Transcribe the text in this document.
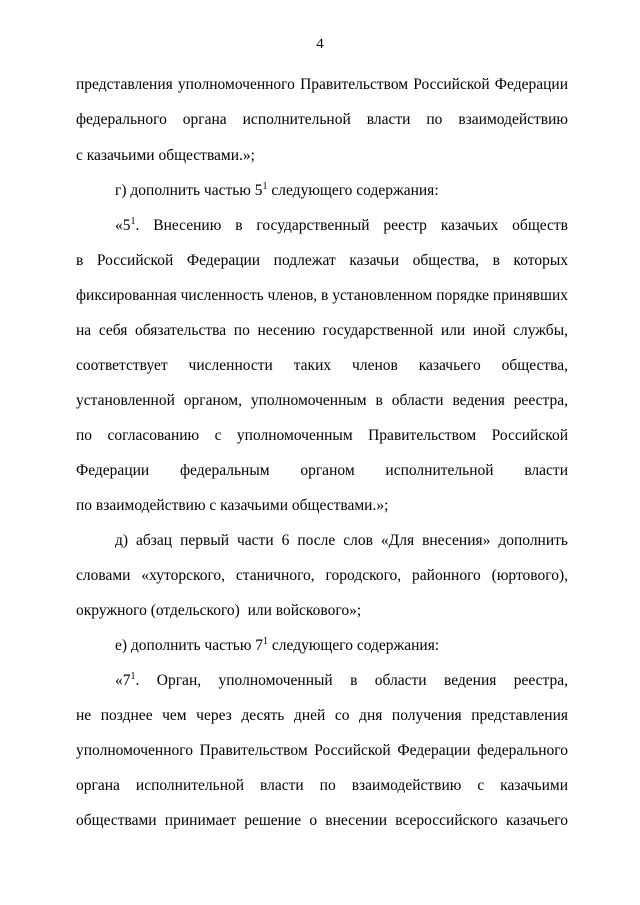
4
представления уполномоченного Правительством Российской Федерации
федерального органа исполнительной власти по взаимодействию
с казачьими обществами.»;
г) дополнить частью $5^1$ следующего содержания:
«$5^1$. Внесению в государственный реестр казачьих обществ
в Российской Федерации подлежат казачьи общества, в которых
фиксированная численность членов, в установленном порядке принявших
на себя обязательства по несению государственной или иной службы,
соответствует численности таких членов казачьего общества,
установленной органом, уполномоченным в области ведения реестра,
по согласованию с уполномоченным Правительством Российской
Федерации федеральным органом исполнительной власти
по взаимодействию с казачьими обществами.»;
д) абзац первый части 6 после слов «Для внесения» дополнить
словами «хуторского, станичного, городского, районного (юртового),
окружного (отдельского)  или войскового»;
е) дополнить частью $7^1$ следующего содержания:
«$7^1$. Орган, уполномоченный в области ведения реестра,
не позднее чем через десять дней со дня получения представления
уполномоченного Правительством Российской Федерации федерального
органа исполнительной власти по взаимодействию с казачьими
обществами принимает решение о внесении всероссийского казачьего
